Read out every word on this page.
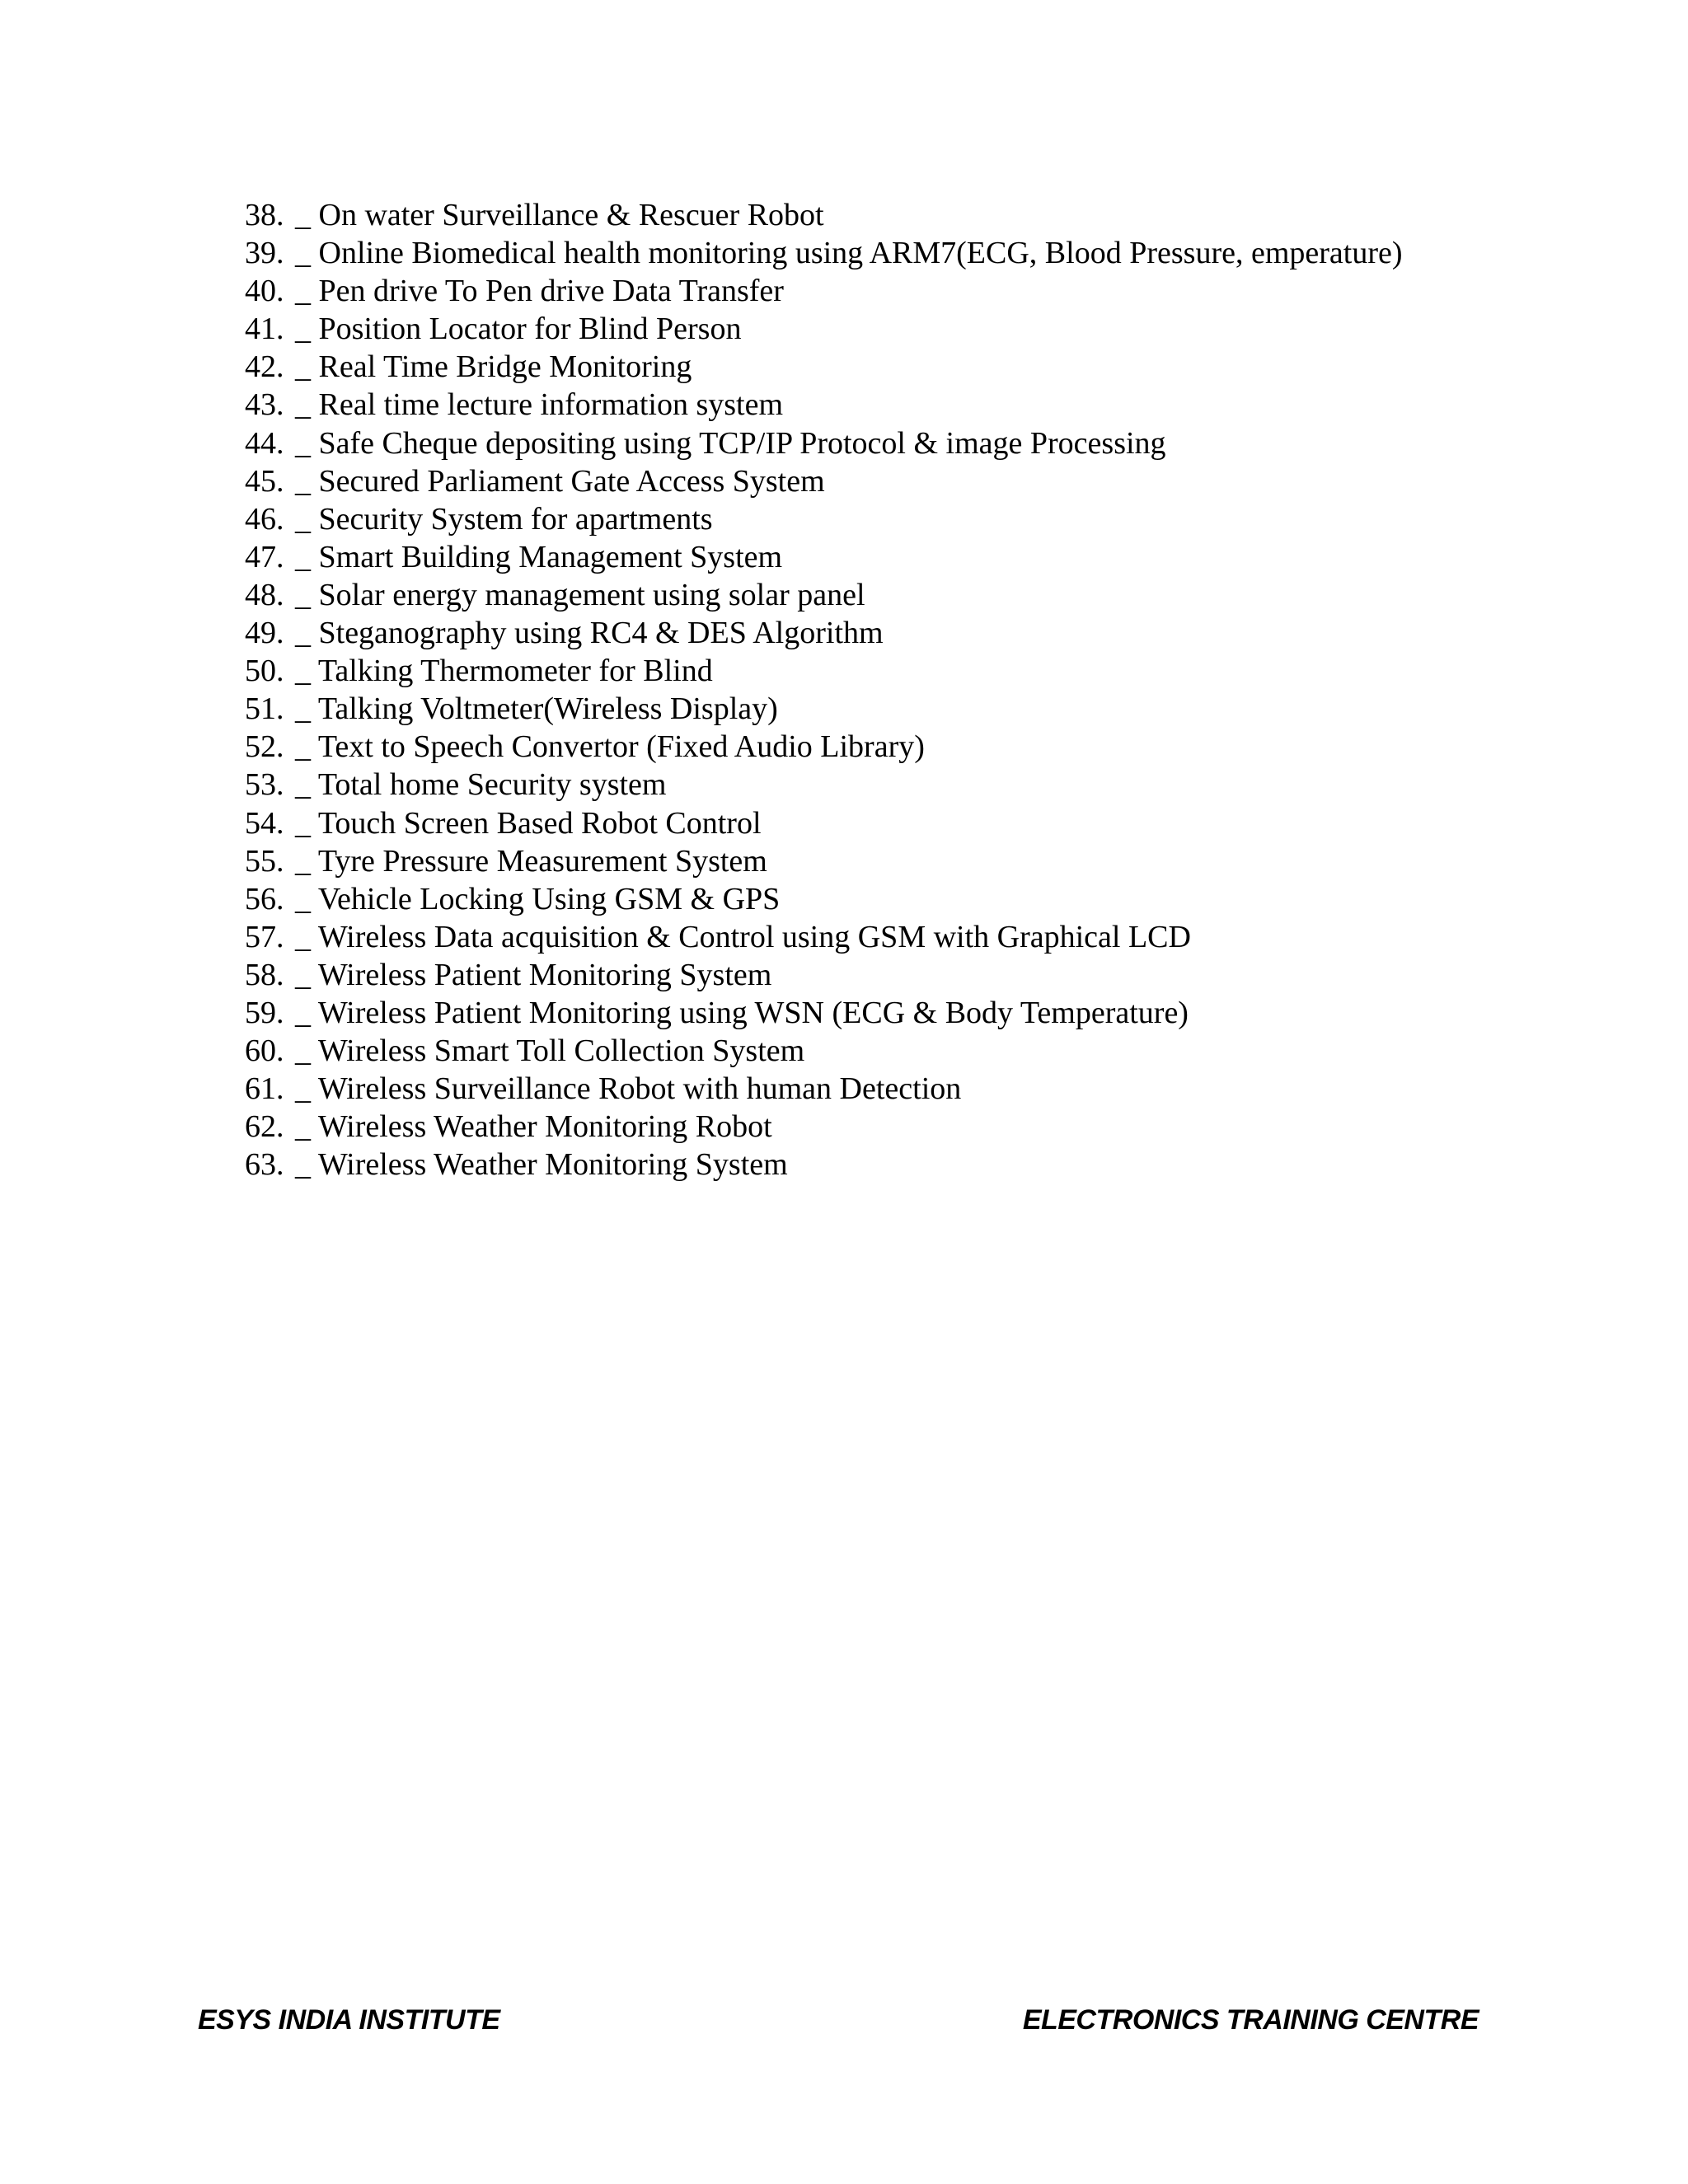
38. _ On water Surveillance & Rescuer Robot
39. _ Online Biomedical health monitoring using ARM7(ECG, Blood Pressure, emperature)
40. _ Pen drive To Pen drive Data Transfer
41. _ Position Locator for Blind Person
42. _ Real Time Bridge Monitoring
43. _ Real time lecture information system
44. _ Safe Cheque depositing using TCP/IP Protocol & image Processing
45. _ Secured Parliament Gate Access System
46. _ Security System for apartments
47. _ Smart Building Management System
48. _ Solar energy management using solar panel
49. _ Steganography using RC4 & DES Algorithm
50. _ Talking Thermometer for Blind
51. _ Talking Voltmeter(Wireless Display)
52. _ Text to Speech Convertor (Fixed Audio Library)
53. _ Total home Security system
54. _ Touch Screen Based Robot Control
55. _ Tyre Pressure Measurement System
56. _ Vehicle Locking Using GSM & GPS
57. _ Wireless Data acquisition & Control using GSM with Graphical LCD
58. _ Wireless Patient Monitoring System
59. _ Wireless Patient Monitoring using WSN (ECG & Body Temperature)
60. _ Wireless Smart Toll Collection System
61. _ Wireless Surveillance Robot with human Detection
62. _ Wireless Weather Monitoring Robot
63. _ Wireless Weather Monitoring System
ESYS INDIA INSTITUTE	ELECTRONICS TRAINING CENTRE
